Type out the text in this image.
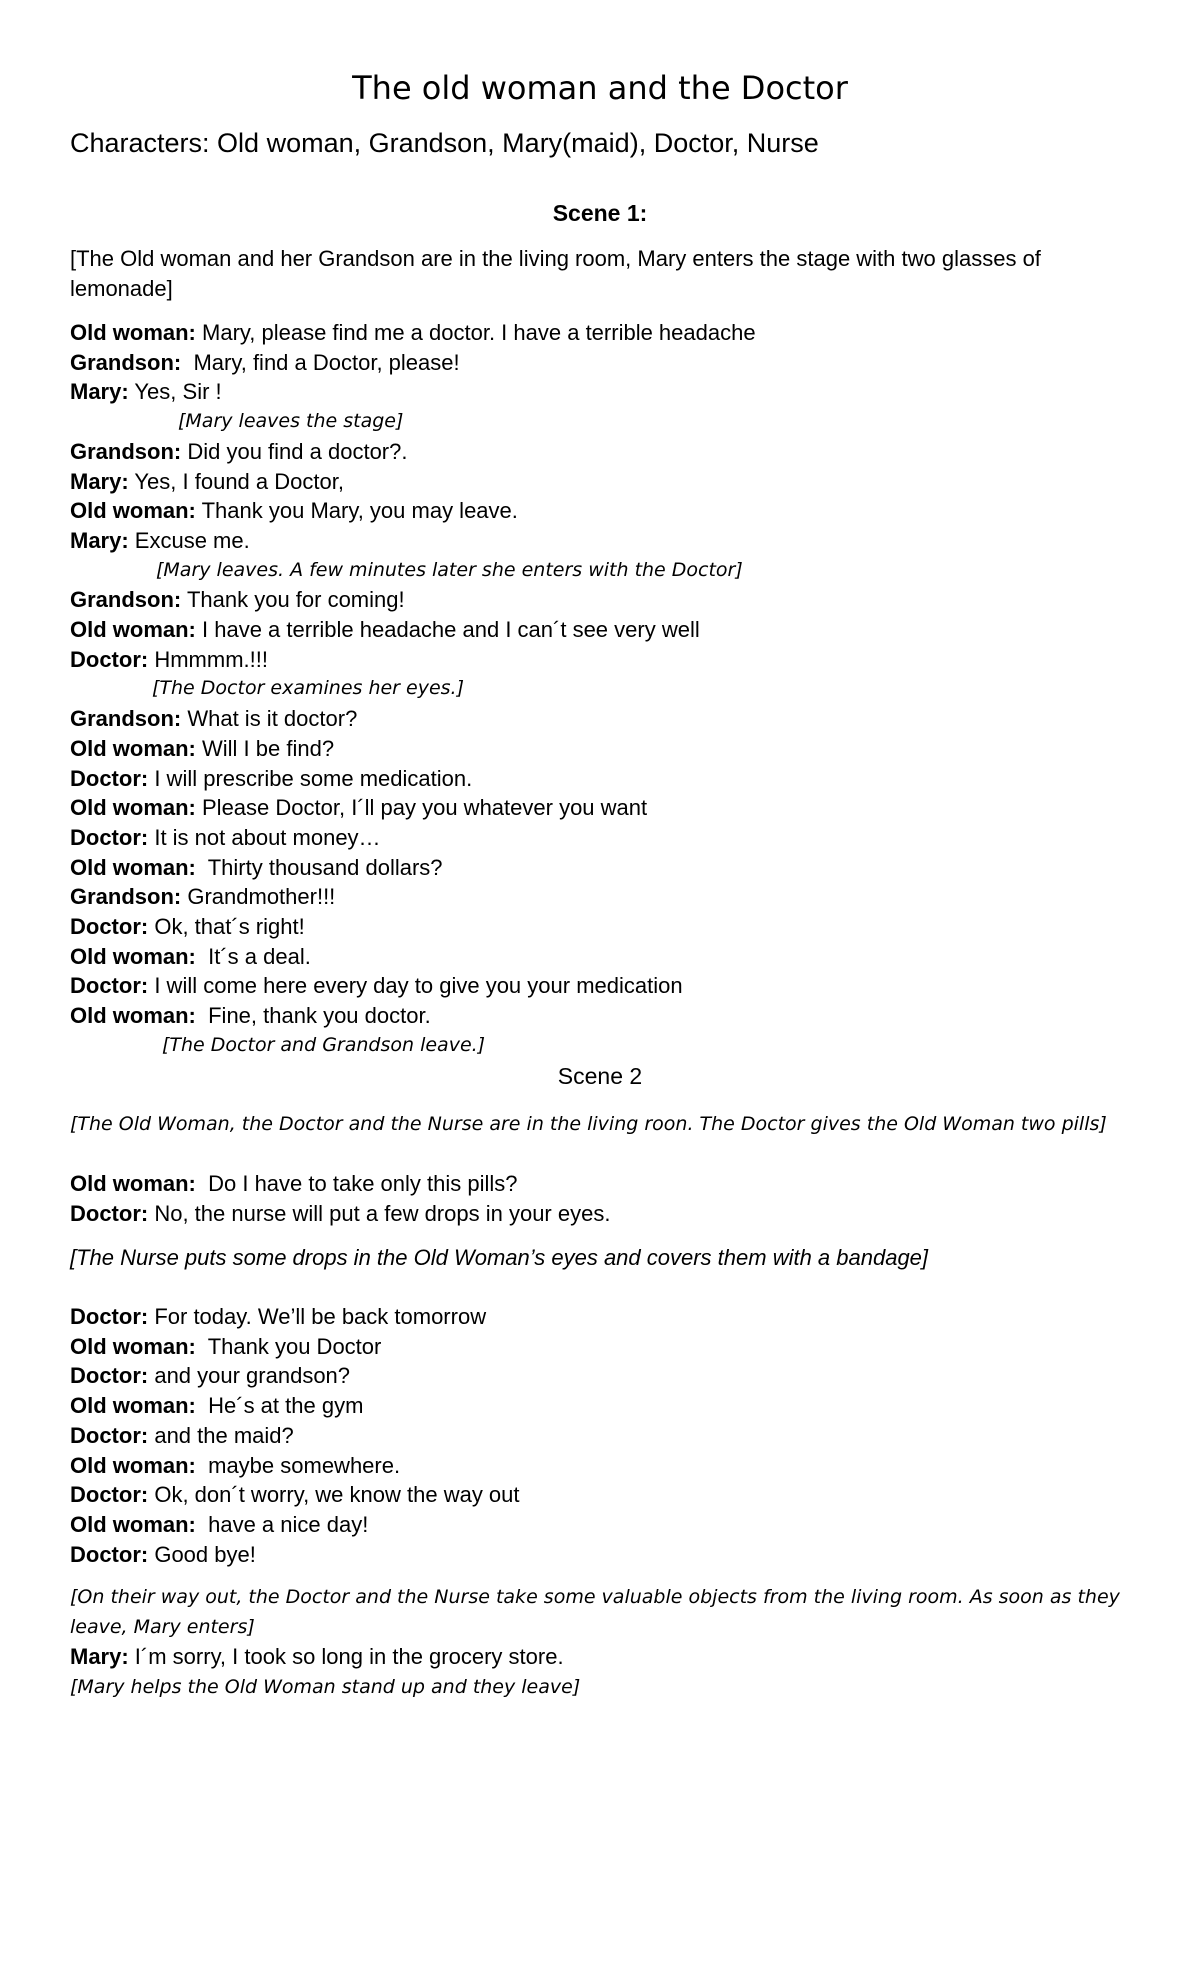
The old woman and the Doctor

Characters: Old woman, Grandson, Mary(maid), Doctor, Nurse

Scene 1:
[The Old woman and her Grandson are in the living room, Mary enters the stage with two glasses of lemonade]
Old woman: Mary, please find me a doctor. I have a terrible headache
Grandson:  Mary, find a Doctor, please!
Mary: Yes, Sir !
[Mary leaves the stage]
Grandson: Did you find a doctor?.
Mary: Yes, I found a Doctor,
Old woman: Thank you Mary, you may leave.
Mary: Excuse me.
[Mary leaves. A few minutes later she enters with the Doctor]
Grandson: Thank you for coming!
Old woman: I have a terrible headache and I can´t see very well
Doctor: Hmmmm.!!!
[The Doctor examines her eyes.]
Grandson: What is it doctor?
Old woman: Will I be find?
Doctor: I will prescribe some medication.
Old woman: Please Doctor, I´ll pay you whatever you want
Doctor: It is not about money…
Old woman:  Thirty thousand dollars?
Grandson: Grandmother!!!
Doctor: Ok, that´s right!
Old woman:  It´s a deal.
Doctor: I will come here every day to give you your medication
Old woman:  Fine, thank you doctor.
[The Doctor and Grandson leave.]
Scene 2
[The Old Woman, the Doctor and the Nurse are in the living roon. The Doctor gives the Old Woman two pills]
Old woman:  Do I have to take only this pills?
Doctor: No, the nurse will put a few drops in your eyes.
[The Nurse puts some drops in the Old Woman’s eyes and covers them with a bandage]
Doctor: For today. We’ll be back tomorrow
Old woman:  Thank you Doctor
Doctor: and your grandson?
Old woman:  He´s at the gym
Doctor: and the maid?
Old woman:  maybe somewhere.
Doctor: Ok, don´t worry, we know the way out
Old woman:  have a nice day!
Doctor: Good bye!
[On their way out, the Doctor and the Nurse take some valuable objects from the living room. As soon as they leave, Mary enters]
Mary: I´m sorry, I took so long in the grocery store.
[Mary helps the Old Woman stand up and they leave]
